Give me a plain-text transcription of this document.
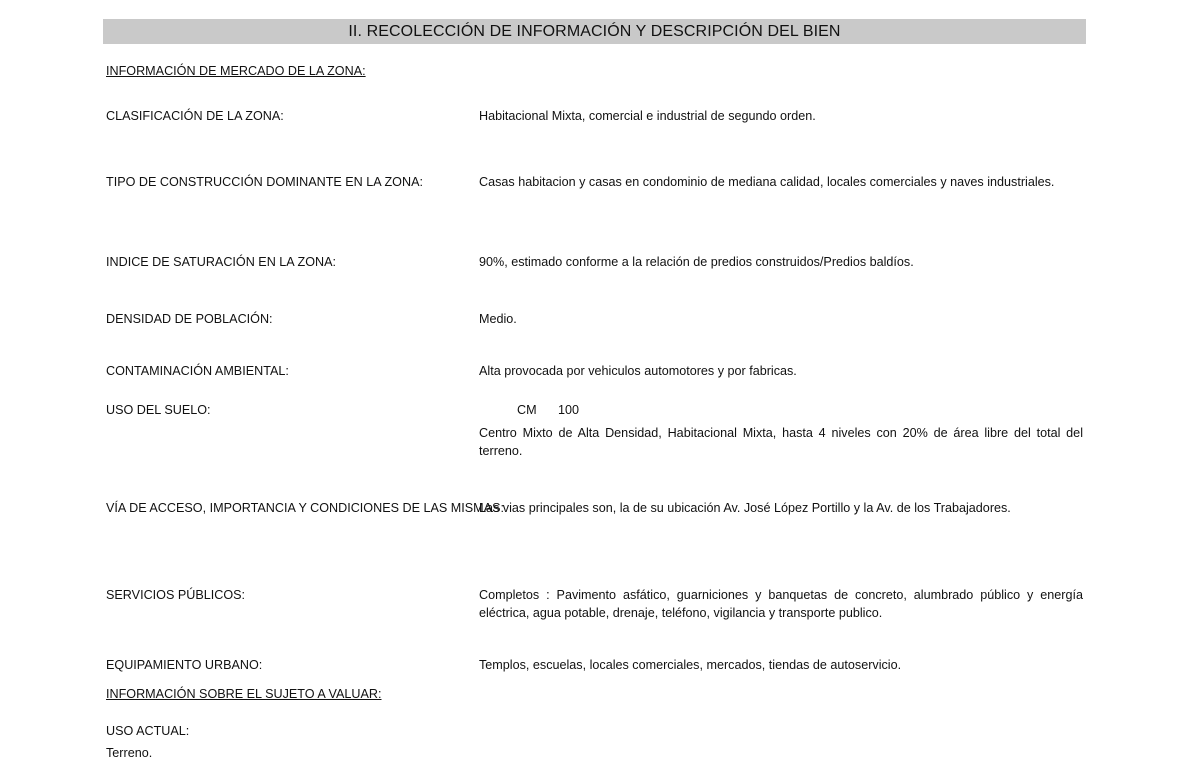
II. RECOLECCIÓN DE INFORMACIÓN Y DESCRIPCIÓN DEL BIEN
INFORMACIÓN DE MERCADO DE LA ZONA:
CLASIFICACIÓN DE LA ZONA:	Habitacional Mixta, comercial e industrial de segundo orden.
TIPO DE CONSTRUCCIÓN DOMINANTE EN LA ZONA:	Casas habitacion y casas en condominio de mediana calidad, locales comerciales y naves industriales.
INDICE DE SATURACIÓN EN LA ZONA:	90%, estimado conforme a la relación de predios construidos/Predios baldíos.
DENSIDAD DE POBLACIÓN:	Medio.
CONTAMINACIÓN AMBIENTAL:	Alta provocada por vehiculos automotores y por fabricas.
USO DEL SUELO:	CM 100
Centro Mixto de Alta Densidad, Habitacional Mixta, hasta 4 niveles con 20% de área libre del total del terreno.
VÍA DE ACCESO, IMPORTANCIA Y CONDICIONES DE LAS MISMAS:
Las vias principales son, la de su ubicación Av. José López Portillo y la Av. de los Trabajadores.
SERVICIOS PÚBLICOS:	Completos : Pavimento asfático, guarniciones y banquetas de concreto, alumbrado público y energía eléctrica, agua potable, drenaje, teléfono, vigilancia y transporte publico.
EQUIPAMIENTO URBANO:	Templos, escuelas, locales comerciales, mercados, tiendas de autoservicio.
INFORMACIÓN SOBRE EL SUJETO A VALUAR:
USO ACTUAL:
Terreno.
